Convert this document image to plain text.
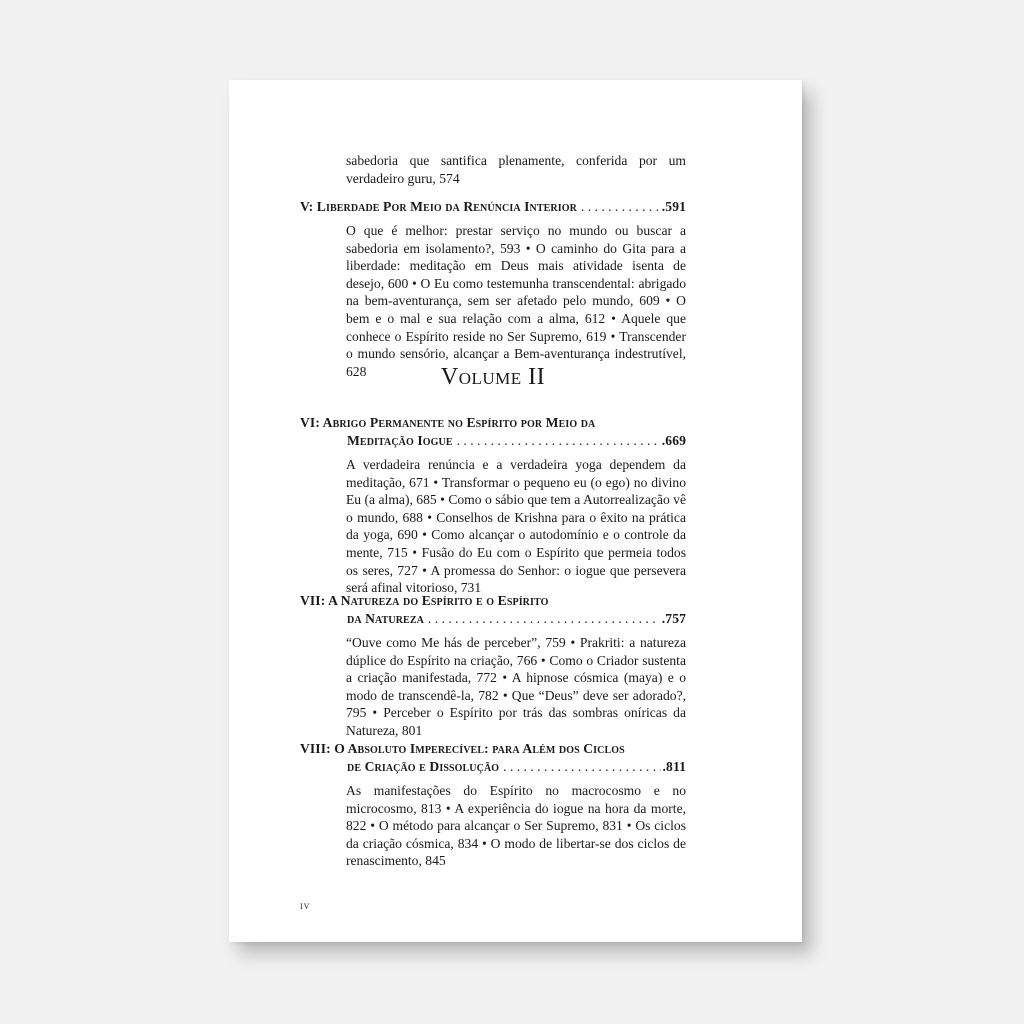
sabedoria que santifica plenamente, conferida por um verdadeiro guru, 574

V: Liberdade Por Meio da Renúncia Interior . . .	.591

O que é melhor: prestar serviço no mundo ou buscar a sabedoria em isolamento?, 593 • O caminho do Gita para a liberdade: meditação em Deus mais atividade isenta de desejo, 600 • O Eu como testemunha transcendental: abrigado na bem-aventurança, sem ser afetado pelo mundo, 609 • O bem e o mal e sua relação com a alma, 612 • Aquele que conhece o Espírito reside no Ser Supremo, 619 • Transcender o mundo sensório, alcançar a Bem-aventurança indestrutível, 628	Volume II
VI: Abrigo Permanente no Espírito por Meio da
Meditação Iogue . . .	.669

A verdadeira renúncia e a verdadeira yoga dependem da meditação, 671 • Transformar o pequeno eu (o ego) no divino Eu (a alma), 685 • Como o sábio que tem a Autorrealização vê o mundo, 688 • Conselhos de Krishna para o êxito na prática da yoga, 690 • Como alcançar o autodomínio e o controle da mente, 715 • Fusão do Eu com o Espírito que permeia todos os seres, 727 • A promessa do Senhor: o iogue que persevera será afinal vitorioso, 731

VII: A Natureza do Espírito e o Espírito
da Natureza . . .	.757

“Ouve como Me hás de perceber”, 759 • Prakriti: a natureza dúplice do Espírito na criação, 766 • Como o Criador sustenta a criação manifestada, 772 • A hipnose cósmica (maya) e o modo de transcendê-la, 782 • Que “Deus” deve ser adorado?, 795 • Perceber o Espírito por trás das sombras oníricas da Natureza, 801

VIII: O Absoluto Imperecível: para Além dos Ciclos
de Criação e Dissolução . . .	.811

As manifestações do Espírito no macrocosmo e no microcosmo, 813 • A experiência do iogue na hora da morte, 822 • O método para alcançar o Ser Supremo, 831 • Os ciclos da criação cósmica, 834 • O modo de libertar-se dos ciclos de renascimento, 845

iv
